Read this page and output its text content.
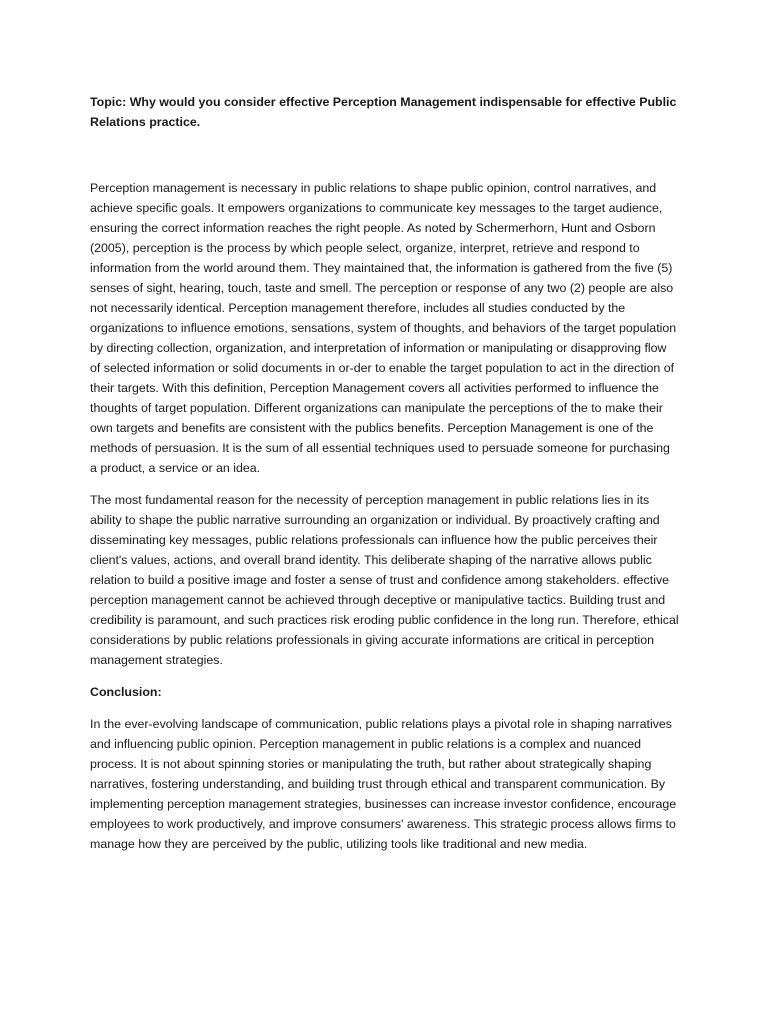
Topic: Why would you consider effective Perception Management indispensable for effective Public Relations practice.

Perception management is necessary in public relations to shape public opinion, control narratives, and achieve specific goals. It empowers organizations to communicate key messages to the target audience, ensuring the correct information reaches the right people. As noted by Schermerhorn, Hunt and Osborn (2005), perception is the process by which people select, organize, interpret, retrieve and respond to information from the world around them. They maintained that, the information is gathered from the five (5) senses of sight, hearing, touch, taste and smell. The perception or response of any two (2) people are also not necessarily identical. Perception management therefore, includes all studies conducted by the organizations to influence emotions, sensations, system of thoughts, and behaviors of the target population by directing collection, organization, and interpretation of information or manipulating or disapproving flow of selected information or solid documents in or-der to enable the target population to act in the direction of their targets. With this definition, Perception Management covers all activities performed to influence the thoughts of target population. Different organizations can manipulate the perceptions of the to make their own targets and benefits are consistent with the publics benefits. Perception Management is one of the methods of persuasion. It is the sum of all essential techniques used to persuade someone for purchasing a product, a service or an idea.

The most fundamental reason for the necessity of perception management in public relations lies in its ability to shape the public narrative surrounding an organization or individual. By proactively crafting and disseminating key messages, public relations professionals can influence how the public perceives their client's values, actions, and overall brand identity. This deliberate shaping of the narrative allows public relation to build a positive image and foster a sense of trust and confidence among stakeholders. effective perception management cannot be achieved through deceptive or manipulative tactics. Building trust and credibility is paramount, and such practices risk eroding public confidence in the long run. Therefore, ethical considerations by public relations professionals in giving accurate informations are critical in perception management strategies.

Conclusion:

In the ever-evolving landscape of communication, public relations plays a pivotal role in shaping narratives and influencing public opinion. Perception management in public relations is a complex and nuanced process. It is not about spinning stories or manipulating the truth, but rather about strategically shaping narratives, fostering understanding, and building trust through ethical and transparent communication. By implementing perception management strategies, businesses can increase investor confidence, encourage employees to work productively, and improve consumers' awareness. This strategic process allows firms to manage how they are perceived by the public, utilizing tools like traditional and new media.
